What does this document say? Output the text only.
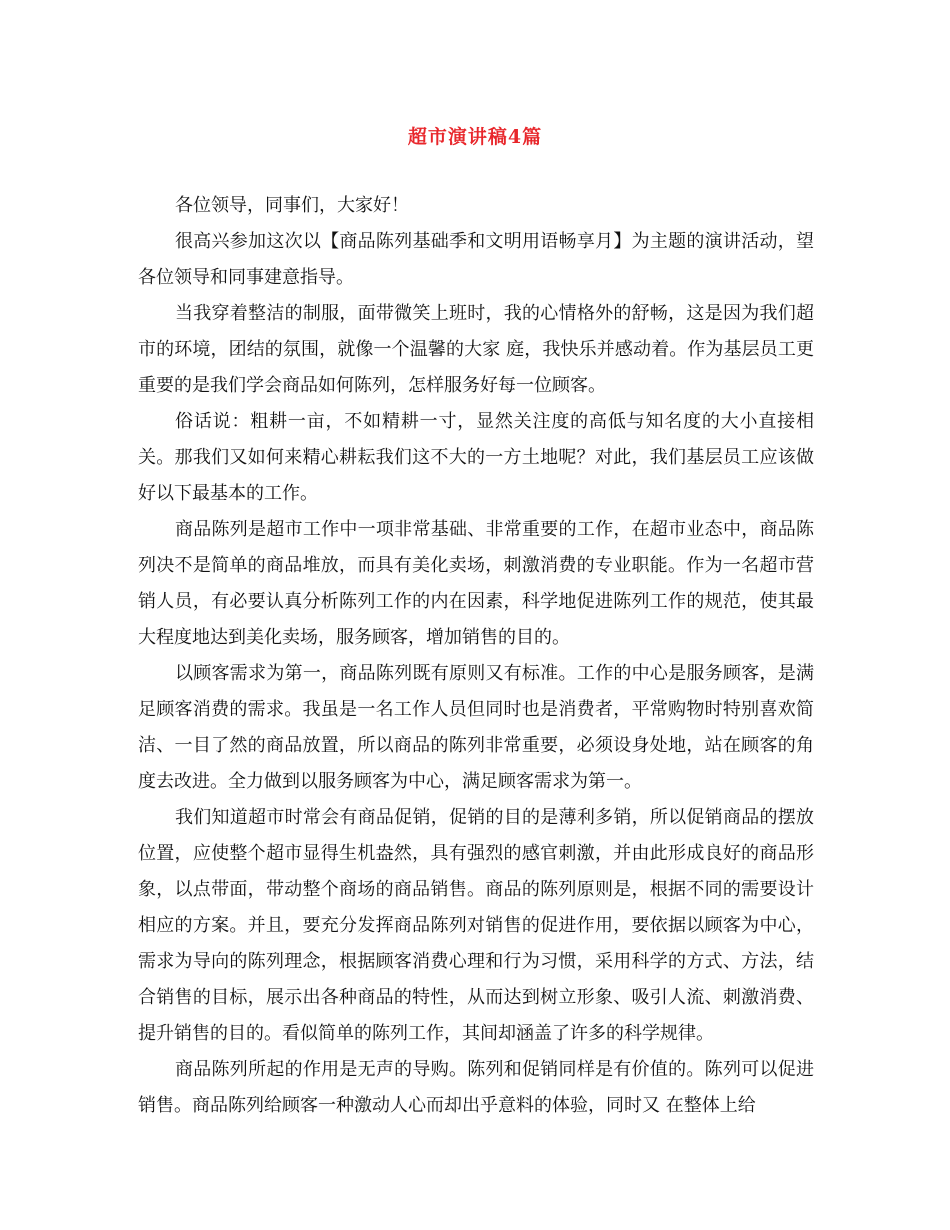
超市演讲稿4篇

各位领导，同事们，大家好！

很高兴参加这次以【商品陈列基础季和文明用语畅享月】为主题的演讲活动，望各位领导和同事建意指导。

当我穿着整洁的制服，面带微笑上班时，我的心情格外的舒畅，这是因为我们超市的环境，团结的氛围，就像一个温馨的大家 庭，我快乐并感动着。作为基层员工更重要的是我们学会商品如何陈列，怎样服务好每一位顾客。

俗话说：粗耕一亩，不如精耕一寸，显然关注度的高低与知名度的大小直接相关。那我们又如何来精心耕耘我们这不大的一方土地呢？对此，我们基层员工应该做好以下最基本的工作。

商品陈列是超市工作中一项非常基础、非常重要的工作，在超市业态中，商品陈列决不是简单的商品堆放，而具有美化卖场，刺激消费的专业职能。作为一名超市营销人员，有必要认真分析陈列工作的内在因素，科学地促进陈列工作的规范，使其最大程度地达到美化卖场，服务顾客，增加销售的目的。

以顾客需求为第一，商品陈列既有原则又有标准。工作的中心是服务顾客，是满足顾客消费的需求。我虽是一名工作人员但同时也是消费者，平常购物时特别喜欢简洁、一目了然的商品放置，所以商品的陈列非常重要，必须设身处地，站在顾客的角度去改进。全力做到以服务顾客为中心，满足顾客需求为第一。

我们知道超市时常会有商品促销，促销的目的是薄利多销，所以促销商品的摆放位置，应使整个超市显得生机盎然，具有强烈的感官刺激，并由此形成良好的商品形象，以点带面，带动整个商场的商品销售。商品的陈列原则是，根据不同的需要设计相应的方案。并且，要充分发挥商品陈列对销售的促进作用，要依据以顾客为中心，需求为导向的陈列理念，根据顾客消费心理和行为习惯，采用科学的方式、方法，结合销售的目标，展示出各种商品的特性，从而达到树立形象、吸引人流、刺激消费、提升销售的目的。看似简单的陈列工作，其间却涵盖了许多的科学规律。

商品陈列所起的作用是无声的导购。陈列和促销同样是有价值的。陈列可以促进销售。商品陈列给顾客一种激动人心而却出乎意料的体验，同时又 在整体上给
